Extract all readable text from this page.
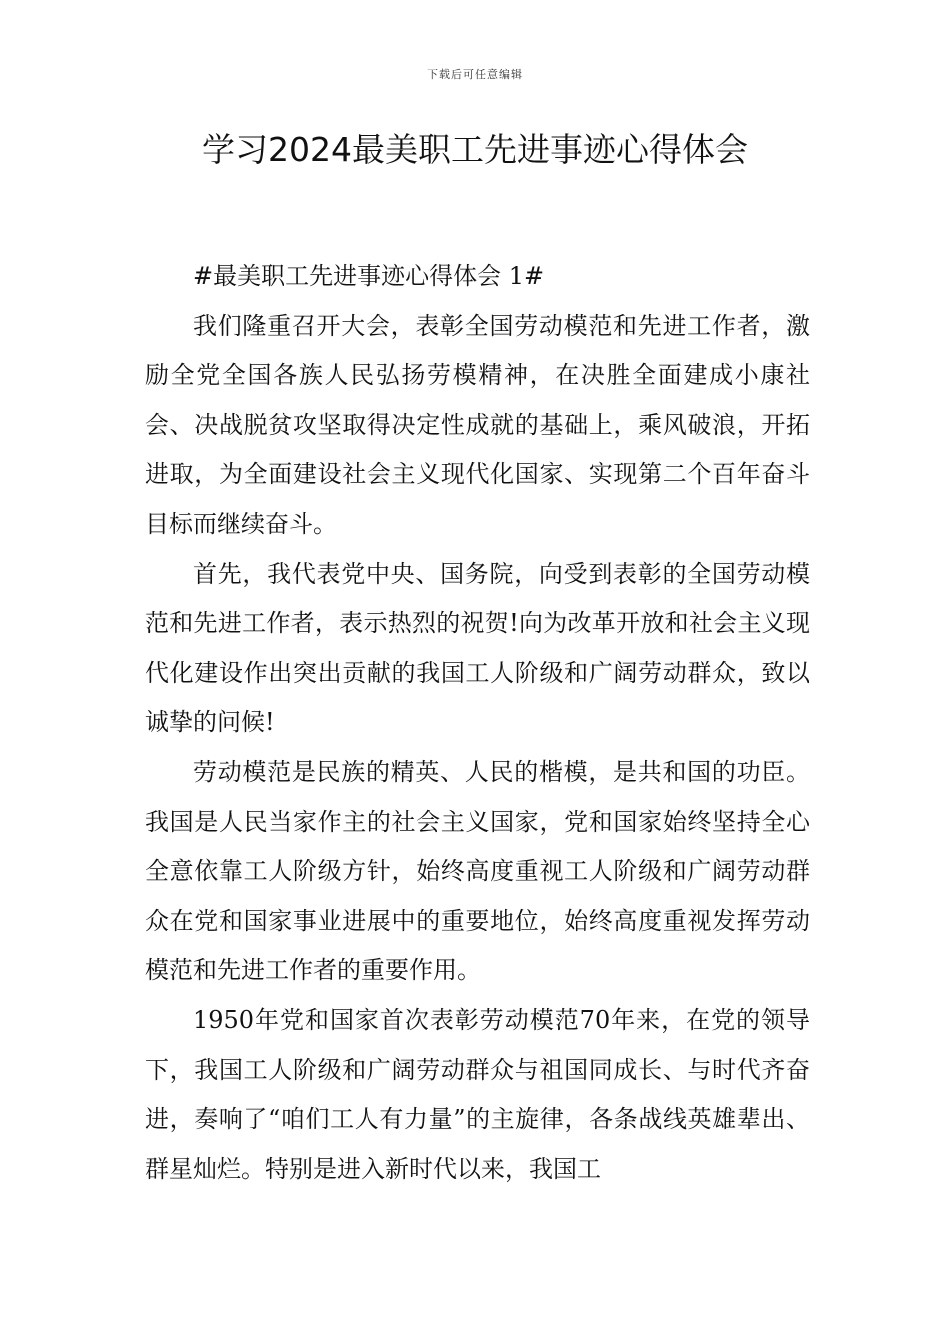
下载后可任意编辑
学习2024最美职工先进事迹心得体会

#最美职工先进事迹心得体会 1#

我们隆重召开大会，表彰全国劳动模范和先进工作者，激励全党全国各族人民弘扬劳模精神，在决胜全面建成小康社会、决战脱贫攻坚取得决定性成就的基础上，乘风破浪，开拓进取，为全面建设社会主义现代化国家、实现第二个百年奋斗目标而继续奋斗。

首先，我代表党中央、国务院，向受到表彰的全国劳动模范和先进工作者，表示热烈的祝贺!向为改革开放和社会主义现代化建设作出突出贡献的我国工人阶级和广阔劳动群众，致以诚挚的问候!

劳动模范是民族的精英、人民的楷模，是共和国的功臣。我国是人民当家作主的社会主义国家，党和国家始终坚持全心全意依靠工人阶级方针，始终高度重视工人阶级和广阔劳动群众在党和国家事业进展中的重要地位，始终高度重视发挥劳动模范和先进工作者的重要作用。

1950年党和国家首次表彰劳动模范70年来，在党的领导下，我国工人阶级和广阔劳动群众与祖国同成长、与时代齐奋进，奏响了“咱们工人有力量”的主旋律，各条战线英雄辈出、群星灿烂。特别是进入新时代以来，我国工
